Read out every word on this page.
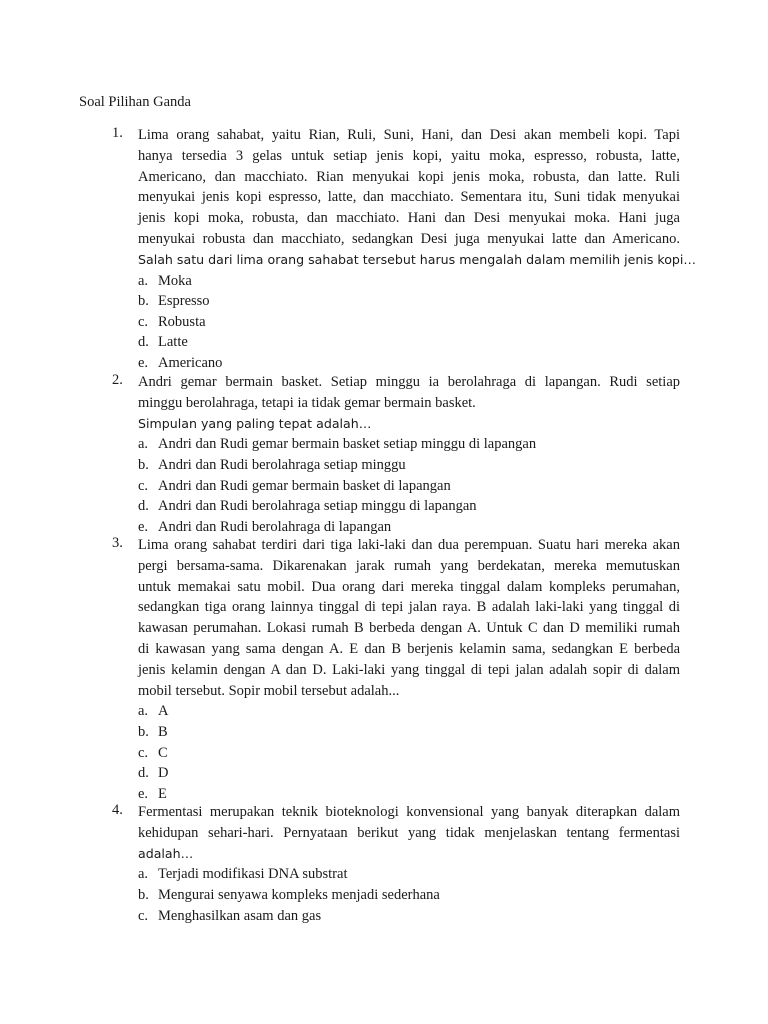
Soal Pilihan Ganda
1.	Lima orang sahabat, yaitu Rian, Ruli, Suni, Hani, dan Desi akan membeli kopi. Tapi
hanya tersedia 3 gelas untuk setiap jenis kopi, yaitu moka, espresso, robusta, latte,
Americano, dan macchiato. Rian menyukai kopi jenis moka, robusta, dan latte. Ruli
menyukai jenis kopi espresso, latte, dan macchiato. Sementara itu, Suni tidak menyukai
jenis kopi moka, robusta, dan macchiato. Hani dan Desi menyukai moka. Hani juga
menyukai robusta dan macchiato, sedangkan Desi juga menyukai latte dan Americano.
Salah satu dari lima orang sahabat tersebut harus mengalah dalam memilih jenis kopi…
a. Moka
b. Espresso
c. Robusta
d. Latte
e. Americano
2.	Andri gemar bermain basket. Setiap minggu ia berolahraga di lapangan. Rudi setiap
minggu berolahraga, tetapi ia tidak gemar bermain basket.
Simpulan yang paling tepat adalah…
a. Andri dan Rudi gemar bermain basket setiap minggu di lapangan
b. Andri dan Rudi berolahraga setiap minggu
c. Andri dan Rudi gemar bermain basket di lapangan
d. Andri dan Rudi berolahraga setiap minggu di lapangan
e. Andri dan Rudi berolahraga di lapangan
3.	Lima orang sahabat terdiri dari tiga laki-laki dan dua perempuan. Suatu hari mereka akan
pergi bersama-sama. Dikarenakan jarak rumah yang berdekatan, mereka memutuskan
untuk memakai satu mobil. Dua orang dari mereka tinggal dalam kompleks perumahan,
sedangkan tiga orang lainnya tinggal di tepi jalan raya. B adalah laki-laki yang tinggal di
kawasan perumahan. Lokasi rumah B berbeda dengan A. Untuk C dan D memiliki rumah
di kawasan yang sama dengan A. E dan B berjenis kelamin sama, sedangkan E berbeda
jenis kelamin dengan A dan D. Laki-laki yang tinggal di tepi jalan adalah sopir di dalam
mobil tersebut. Sopir mobil tersebut adalah...
a. A
b. B
c. C
d. D
e. E
4.	Fermentasi merupakan teknik bioteknologi konvensional yang banyak diterapkan dalam
kehidupan sehari-hari. Pernyataan berikut yang tidak menjelaskan tentang fermentasi
adalah…
a. Terjadi modifikasi DNA substrat
b. Mengurai senyawa kompleks menjadi sederhana
c. Menghasilkan asam dan gas
